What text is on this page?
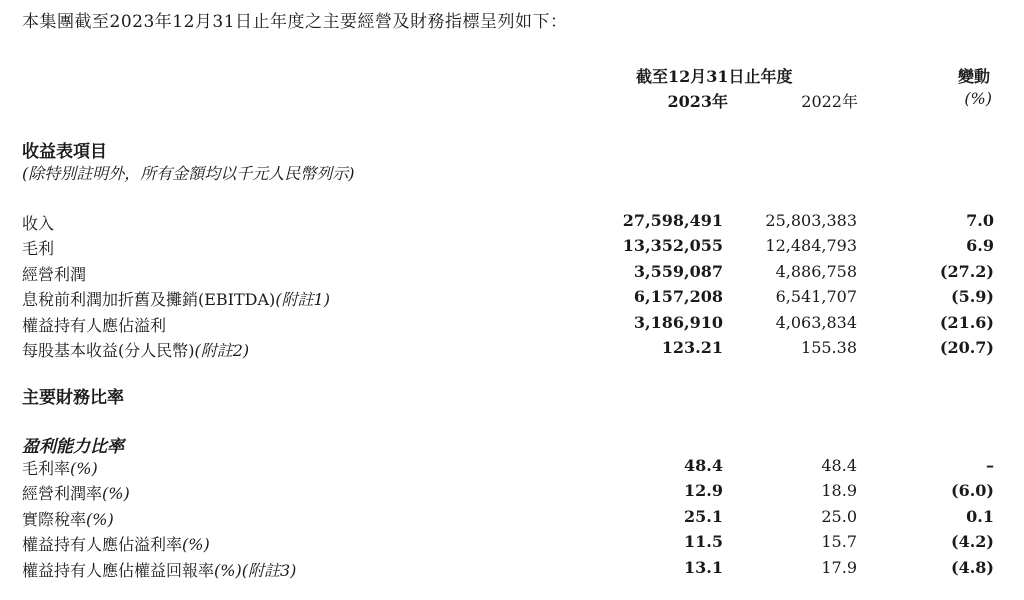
本集團截至2023年12月31日止年度之主要經營及財務指標呈列如下：
截至12月31日止年度
2023年	2022年
變動
(%)
收益表項目
(除特別註明外，所有金額均以千元人民幣列示)
收入	27,598,491	25,803,383	7.0
毛利	13,352,055	12,484,793	6.9
經營利潤	3,559,087	4,886,758	(27.2)
息稅前利潤加折舊及攤銷(EBITDA)(附註1)	6,157,208	6,541,707	(5.9)
權益持有人應佔溢利	3,186,910	4,063,834	(21.6)
每股基本收益(分人民幣)(附註2)	123.21	155.38	(20.7)
主要財務比率
盈利能力比率
毛利率(%)	48.4	48.4	–
經營利潤率(%)	12.9	18.9	(6.0)
實際稅率(%)	25.1	25.0	0.1
權益持有人應佔溢利率(%)	11.5	15.7	(4.2)
權益持有人應佔權益回報率(%)(附註3)	13.1	17.9	(4.8)
